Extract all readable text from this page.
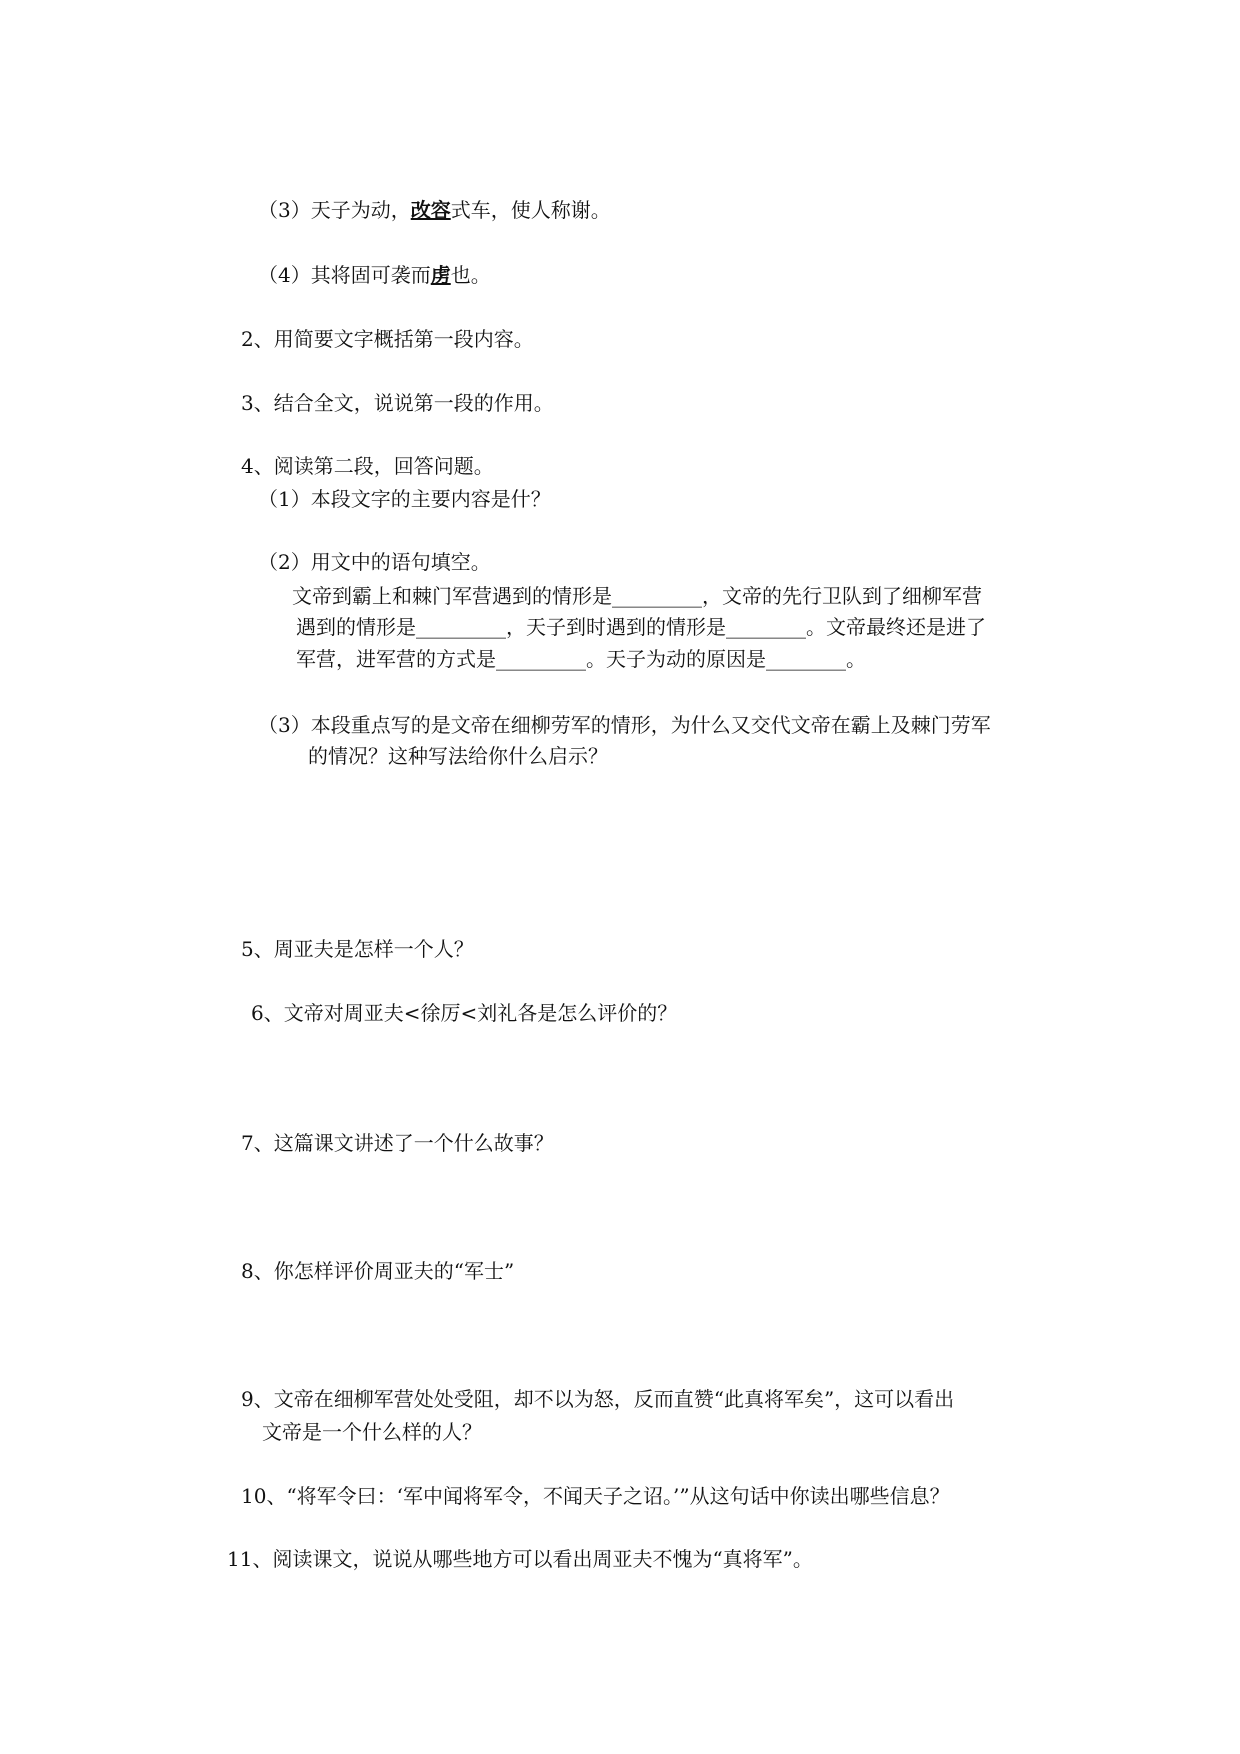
（3）天子为动，改容式车，使人称谢。
（4）其将固可袭而虏也。
2、用简要文字概括第一段内容。
3、结合全文，说说第一段的作用。
4、阅读第二段，回答问题。
（1）本段文字的主要内容是什？
（2）用文中的语句填空。
文帝到霸上和棘门军营遇到的情形是_________，文帝的先行卫队到了细柳军营
遇到的情形是_________，天子到时遇到的情形是________。文帝最终还是进了
军营，进军营的方式是_________。天子为动的原因是________。
（3）本段重点写的是文帝在细柳劳军的情形，为什么又交代文帝在霸上及棘门劳军
的情况？这种写法给你什么启示？
5、周亚夫是怎样一个人？
6、文帝对周亚夫<徐厉<刘礼各是怎么评价的？
7、这篇课文讲述了一个什么故事？
8、你怎样评价周亚夫的“军士”
9、文帝在细柳军营处处受阻，却不以为怒，反而直赞“此真将军矣”，这可以看出
文帝是一个什么样的人？
10、“将军令曰：‘军中闻将军令，不闻天子之诏。’”从这句话中你读出哪些信息？
11、阅读课文，说说从哪些地方可以看出周亚夫不愧为“真将军”。
